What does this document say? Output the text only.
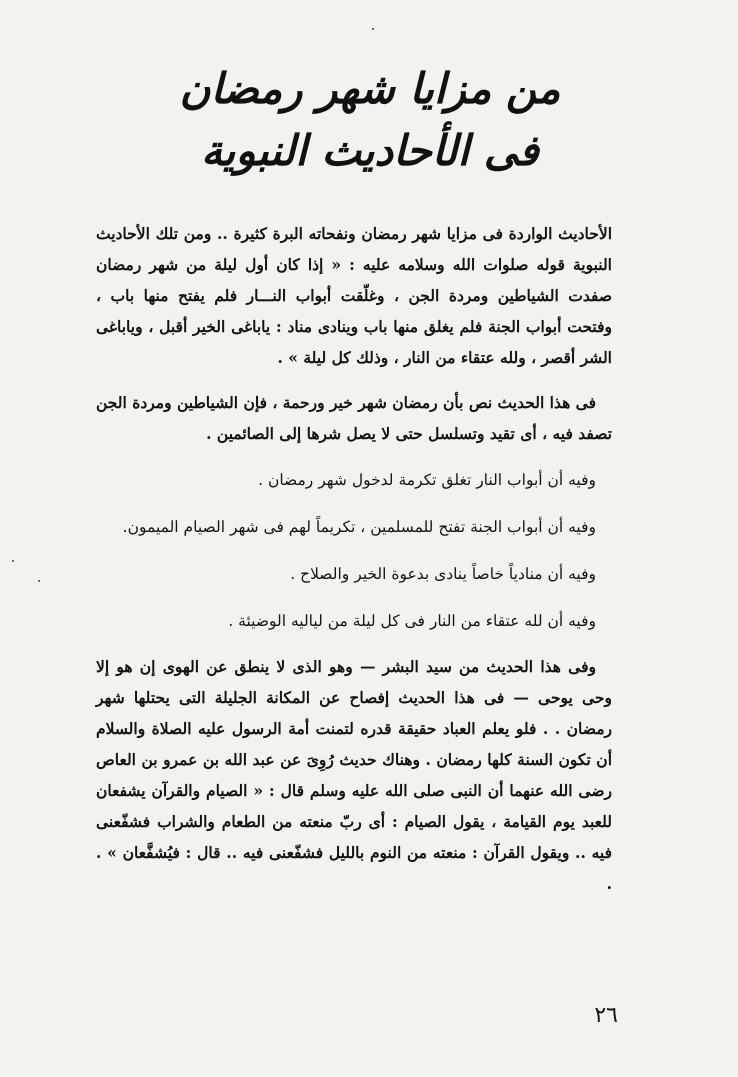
من مزايا شهر رمضان
فى الأحاديث النبوية

الأحاديث الواردة فى مزايا شهر رمضان ونفحاته البرة كثيرة .. ومن تلك الأحاديث النبوية قوله صلوات الله وسلامه عليه : « إذا كان أول ليلة من شهر رمضان صفدت الشياطين ومردة الجن ، وغلّقت أبواب النـــار فلم يفتح منها باب ، وفتحت أبواب الجنة فلم يغلق منها باب وينادى مناد : ياباغى الخير أقبل ، وياباغى الشر أقصر ، ولله عتقاء من النار ، وذلك كل ليلة » .

فى هذا الحديث نص بأن رمضان شهر خير ورحمة ، فإن الشياطين ومردة الجن تصفد فيه ، أى تقيد وتسلسل حتى لا يصل شرها إلى الصائمين .

وفيه أن أبواب النار تغلق تكرمة لدخول شهر رمضان .

وفيه أن أبواب الجنة تفتح للمسلمين ، تكريماً لهم فى شهر الصيام الميمون.

وفيه أن منادياً خاصاً ينادى بدعوة الخير والصلاح .

وفيه أن لله عتقاء من النار فى كل ليلة من لياليه الوضيئة .

وفى هذا الحديث من سيد البشر — وهو الذى لا ينطق عن الهوى إن هو إلا وحى يوحى — فى هذا الحديث إفصاح عن المكانة الجليلة التى يحتلها شهر رمضان . . فلو يعلم العباد حقيقة قدره لتمنت أمة الرسول عليه الصلاة والسلام أن تكون السنة كلها رمضان . وهناك حديث رُوِىَ عن عبد الله بن عمرو بن العاص رضى الله عنهما أن النبى صلى الله عليه وسلم قال : « الصيام والقرآن يشفعان للعبد يوم القيامة ، يقول الصيام : أى ربّ منعته من الطعام والشراب فشفّعنى فيه .. ويقول القرآن : منعته من النوم بالليل فشفّعنى فيه .. قال : فيُشفَّعان » . .

٢٦
